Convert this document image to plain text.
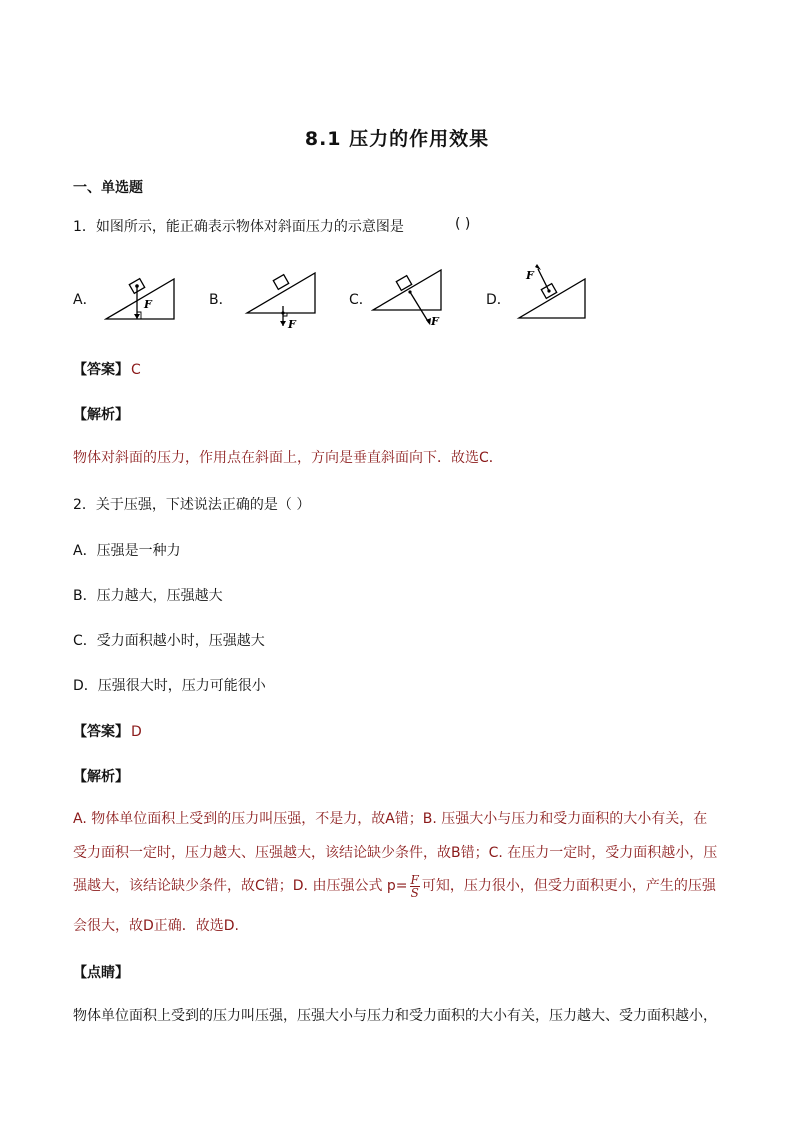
8.1 压力的作用效果
一、单选题
1．如图所示，能正确表示物体对斜面压力的示意图是	( )
A．	F	B．
F
C．
F
D．
F
【答案】 C
【解析】
物体对斜面的压力，作用点在斜面上，方向是垂直斜面向下．故选C．
2．关于压强，下述说法正确的是（ ）
A．压强是一种力
B．压力越大，压强越大
C．受力面积越小时，压强越大
D．压强很大时，压力可能很小
【答案】 D
【解析】
A. 物体单位面积上受到的压力叫压强，不是力，故A错；B. 压强大小与压力和受力面积的大小有关，在
受力面积一定时，压力越大、压强越大，该结论缺少条件，故B错；C. 在压力一定时，受力面积越小，压
强越大，该结论缺少条件，故C错；D. 由压强公式 $p= \frac{F}{S}$ 可知，压力很小，但受力面积更小，产生的压强
会很大，故D正确．故选D.
【点睛】
物体单位面积上受到的压力叫压强，压强大小与压力和受力面积的大小有关，压力越大、受力面积越小，
